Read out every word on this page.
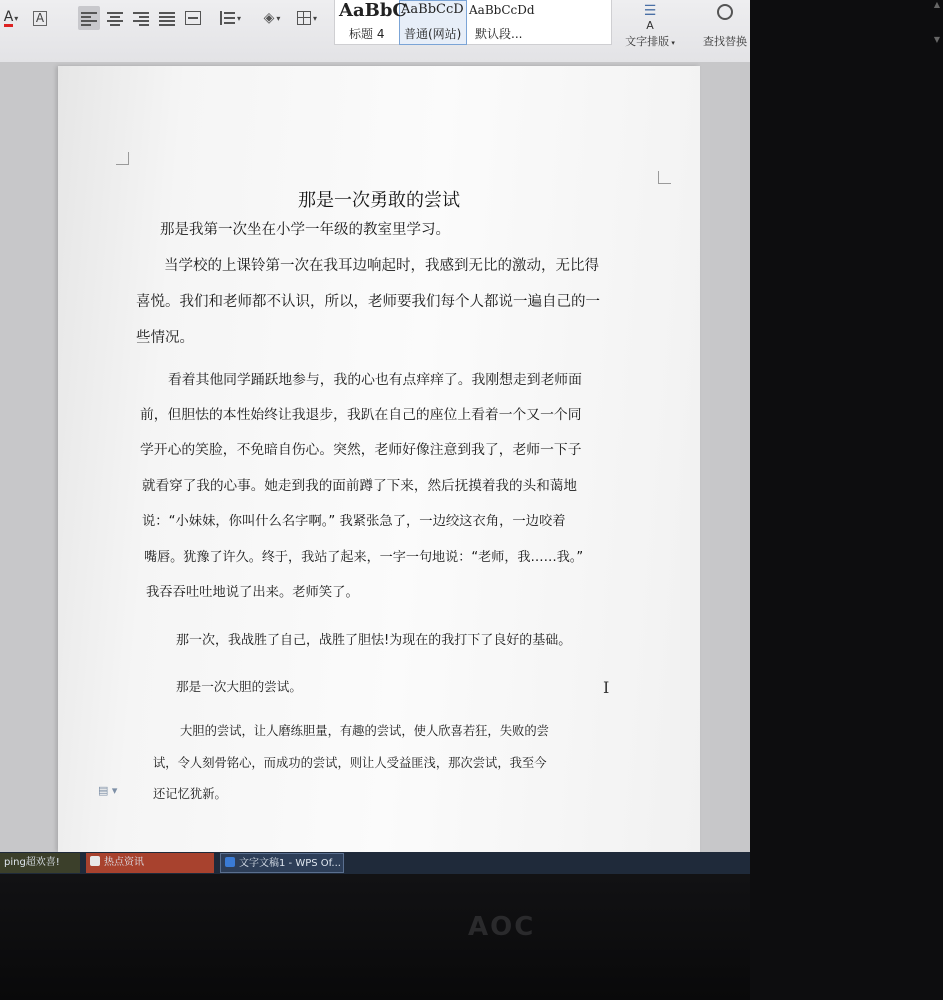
A ▾ A	▾ ◈ ▾	▾ AaBbC
标题 4
AaBbCcD
普通(网站)
AaBbCcDd
默认段...
▲
▼
☰
A
文字排版 ▾	查找替换
那是一次勇敢的尝试
那是我第一次坐在小学一年级的教室里学习。
当学校的上课铃第一次在我耳边响起时，我感到无比的激动，无比得
喜悦。我们和老师都不认识，所以，老师要我们每个人都说一遍自己的一
些情况。
看着其他同学踊跃地参与，我的心也有点痒痒了。我刚想走到老师面
前，但胆怯的本性始终让我退步，我趴在自己的座位上看着一个又一个同
学开心的笑脸，不免暗自伤心。突然，老师好像注意到我了，老师一下子
就看穿了我的心事。她走到我的面前蹲了下来，然后抚摸着我的头和蔼地
说：“小妹妹，你叫什么名字啊。” 我紧张急了，一边绞这衣角，一边咬着
嘴唇。犹豫了许久。终于，我站了起来，一字一句地说：“老师，我……我。”
我吞吞吐吐地说了出来。老师笑了。
那一次，我战胜了自己，战胜了胆怯!为现在的我打下了良好的基础。
那是一次大胆的尝试。
大胆的尝试，让人磨练胆量，有趣的尝试，使人欣喜若狂，失败的尝
试，令人刻骨铭心，而成功的尝试，则让人受益匪浅，那次尝试，我至今
还记忆犹新。
I
▤ ▾
ping超欢喜!	热点资讯	文字文稿1 - WPS Of...
AOC
